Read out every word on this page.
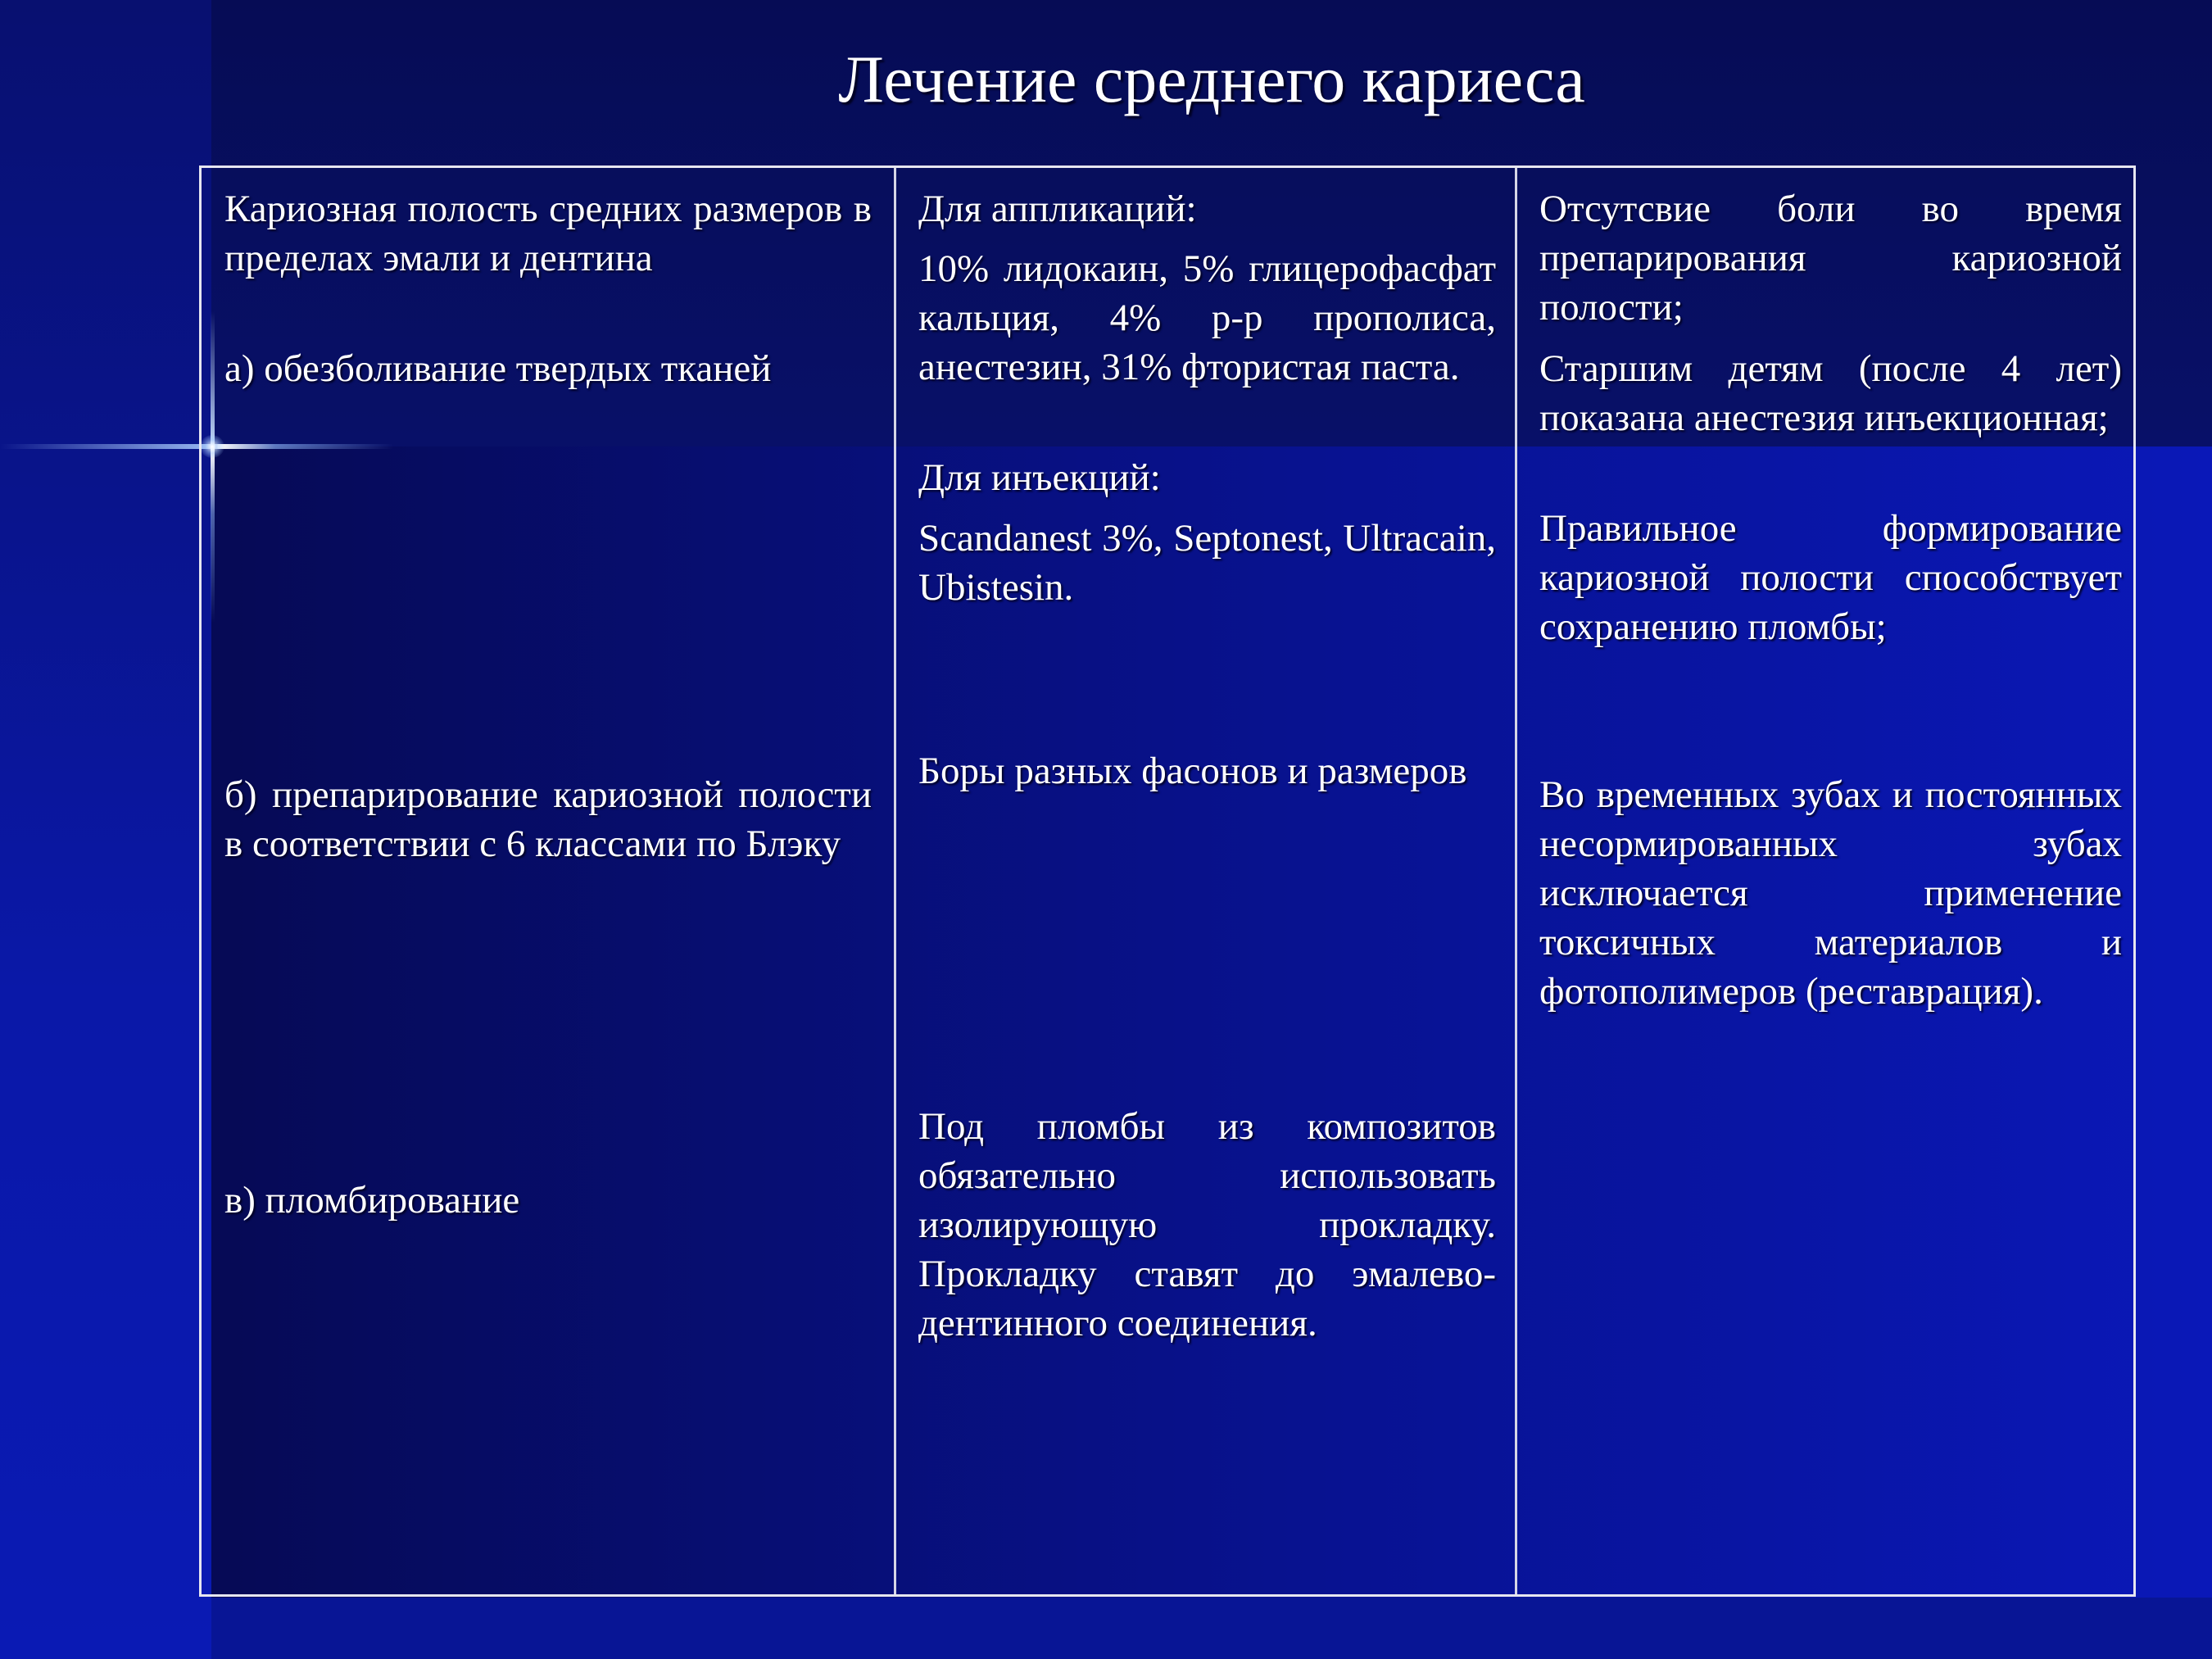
Лечение среднего кариеса

Кариозная полость средних размеров в пределах эмали и дентина

а) обезболивание твердых тканей

б) препарирование кариозной полости в соответствии с 6 классами по Блэку

в) пломбирование

Для аппликаций:

10% лидокаин, 5% глицерофасфат кальция, 4% р-р прополиса, анестезин, 31% фтористая паста.

Для инъекций:

Scandanest 3%, Septonest, Ultracain, Ubistesin.

Боры разных фасонов и размеров

Под пломбы из композитов обязательно использовать изолирующую прокладку. Прокладку ставят до эмалево-дентинного соединения.

Отсутсвие боли во время препарирования кариозной полости;

Старшим детям (после 4 лет) показана анестезия инъекционная;

Правильное формирование кариозной полости способствует сохранению пломбы;

Во временных зубах и постоянных несормированных зубах исключается применение токсичных материалов и фотополимеров (реставрация).
